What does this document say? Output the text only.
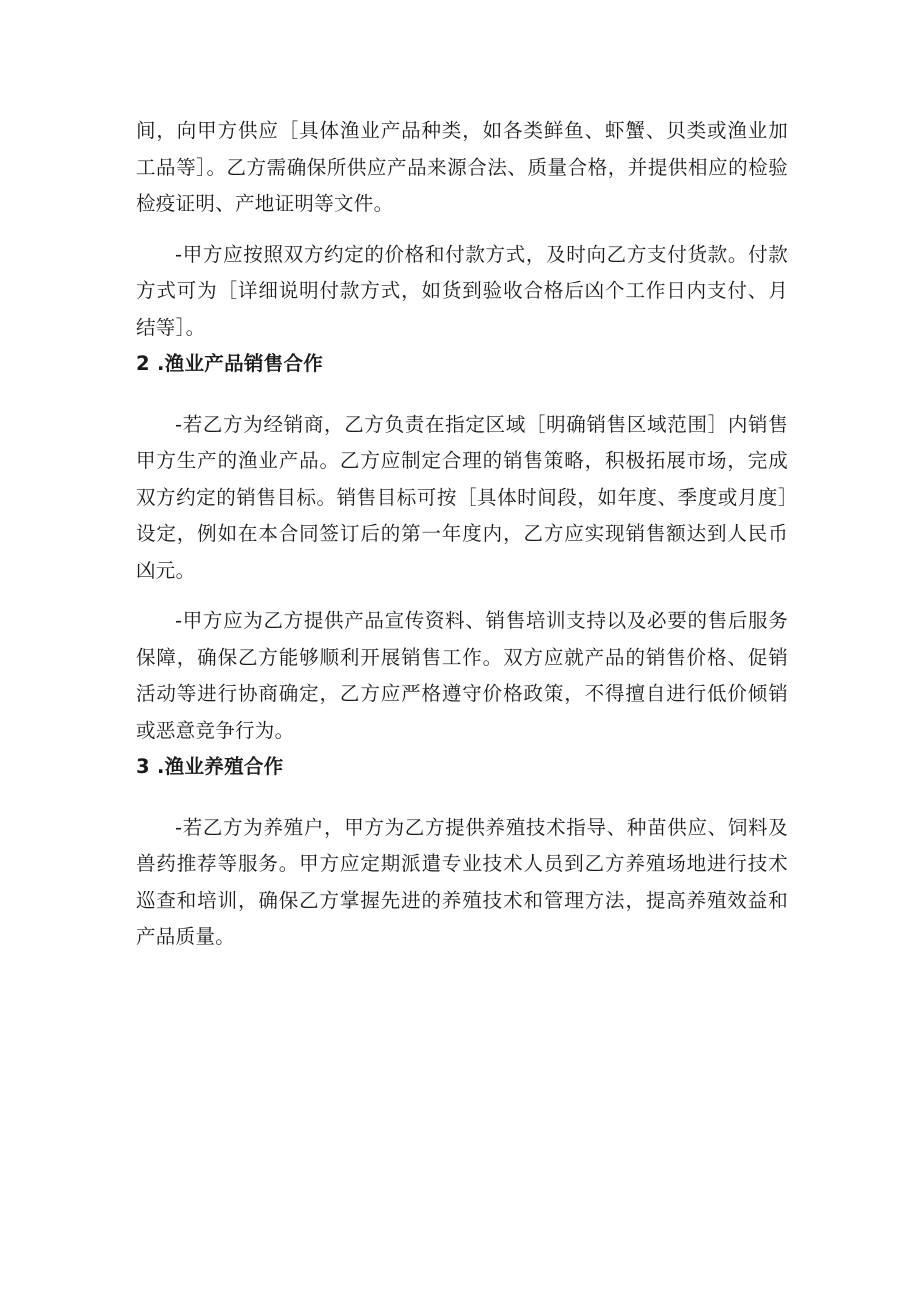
间，向甲方供应［具体渔业产品种类，如各类鲜鱼、虾蟹、贝类或渔业加工品等］。乙方需确保所供应产品来源合法、质量合格，并提供相应的检验检疫证明、产地证明等文件。

-甲方应按照双方约定的价格和付款方式，及时向乙方支付货款。付款方式可为［详细说明付款方式，如货到验收合格后凶个工作日内支付、月结等］。

2 .渔业产品销售合作

-若乙方为经销商，乙方负责在指定区域［明确销售区域范围］内销售甲方生产的渔业产品。乙方应制定合理的销售策略，积极拓展市场，完成双方约定的销售目标。销售目标可按［具体时间段，如年度、季度或月度］设定，例如在本合同签订后的第一年度内，乙方应实现销售额达到人民币凶元。

-甲方应为乙方提供产品宣传资料、销售培训支持以及必要的售后服务保障，确保乙方能够顺利开展销售工作。双方应就产品的销售价格、促销活动等进行协商确定，乙方应严格遵守价格政策，不得擅自进行低价倾销或恶意竞争行为。

3 .渔业养殖合作

-若乙方为养殖户，甲方为乙方提供养殖技术指导、种苗供应、饲料及兽药推荐等服务。甲方应定期派遣专业技术人员到乙方养殖场地进行技术巡查和培训，确保乙方掌握先进的养殖技术和管理方法，提高养殖效益和产品质量。
